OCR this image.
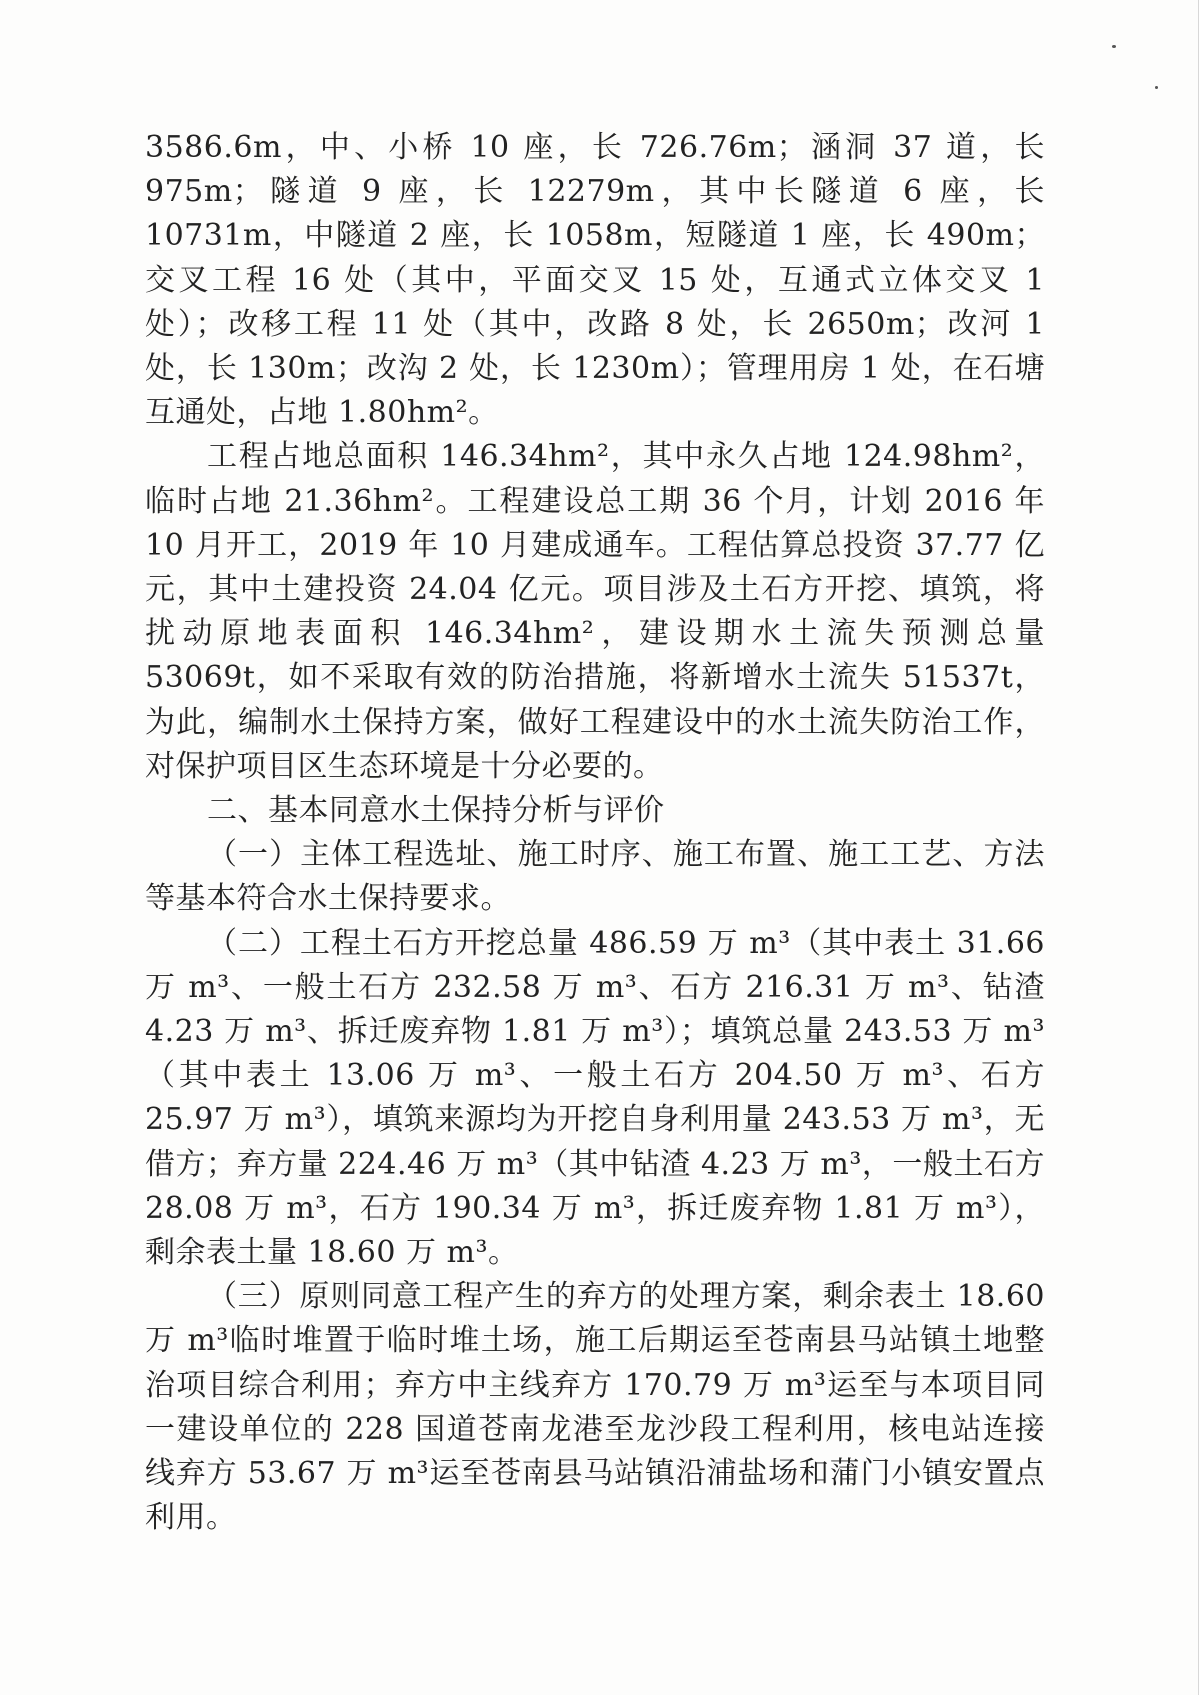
3586.6m，中、小桥 10 座，长 726.76m；涵洞 37 道，长 975m；隧道 9 座，长 12279m，其中长隧道 6 座，长 10731m，中隧道 2 座，长 1058m，短隧道 1 座，长 490m；交叉工程 16 处（其中，平面交叉 15 处，互通式立体交叉 1 处）；改移工程 11 处（其中，改路 8 处，长 2650m；改河 1 处，长 130m；改沟 2 处，长 1230m）；管理用房 1 处，在石塘互通处，占地 1.80hm²。

工程占地总面积 146.34hm²，其中永久占地 124.98hm²，临时占地 21.36hm²。工程建设总工期 36 个月，计划 2016 年 10 月开工，2019 年 10 月建成通车。工程估算总投资 37.77 亿元，其中土建投资 24.04 亿元。项目涉及土石方开挖、填筑，将扰动原地表面积 146.34hm²，建设期水土流失预测总量 53069t，如不采取有效的防治措施，将新增水土流失 51537t，为此，编制水土保持方案，做好工程建设中的水土流失防治工作，对保护项目区生态环境是十分必要的。

二、基本同意水土保持分析与评价

（一）主体工程选址、施工时序、施工布置、施工工艺、方法等基本符合水土保持要求。

（二）工程土石方开挖总量 486.59 万 m³（其中表土 31.66 万 m³、一般土石方 232.58 万 m³、石方 216.31 万 m³、钻渣 4.23 万 m³、拆迁废弃物 1.81 万 m³）；填筑总量 243.53 万 m³（其中表土 13.06 万 m³、一般土石方 204.50 万 m³、石方 25.97 万 m³），填筑来源均为开挖自身利用量 243.53 万 m³，无借方；弃方量 224.46 万 m³（其中钻渣 4.23 万 m³，一般土石方 28.08 万 m³，石方 190.34 万 m³，拆迁废弃物 1.81 万 m³），剩余表土量 18.60 万 m³。

（三）原则同意工程产生的弃方的处理方案，剩余表土 18.60 万 m³临时堆置于临时堆土场，施工后期运至苍南县马站镇土地整治项目综合利用；弃方中主线弃方 170.79 万 m³运至与本项目同一建设单位的 228 国道苍南龙港至龙沙段工程利用，核电站连接线弃方 53.67 万 m³运至苍南县马站镇沿浦盐场和蒲门小镇安置点利用。
